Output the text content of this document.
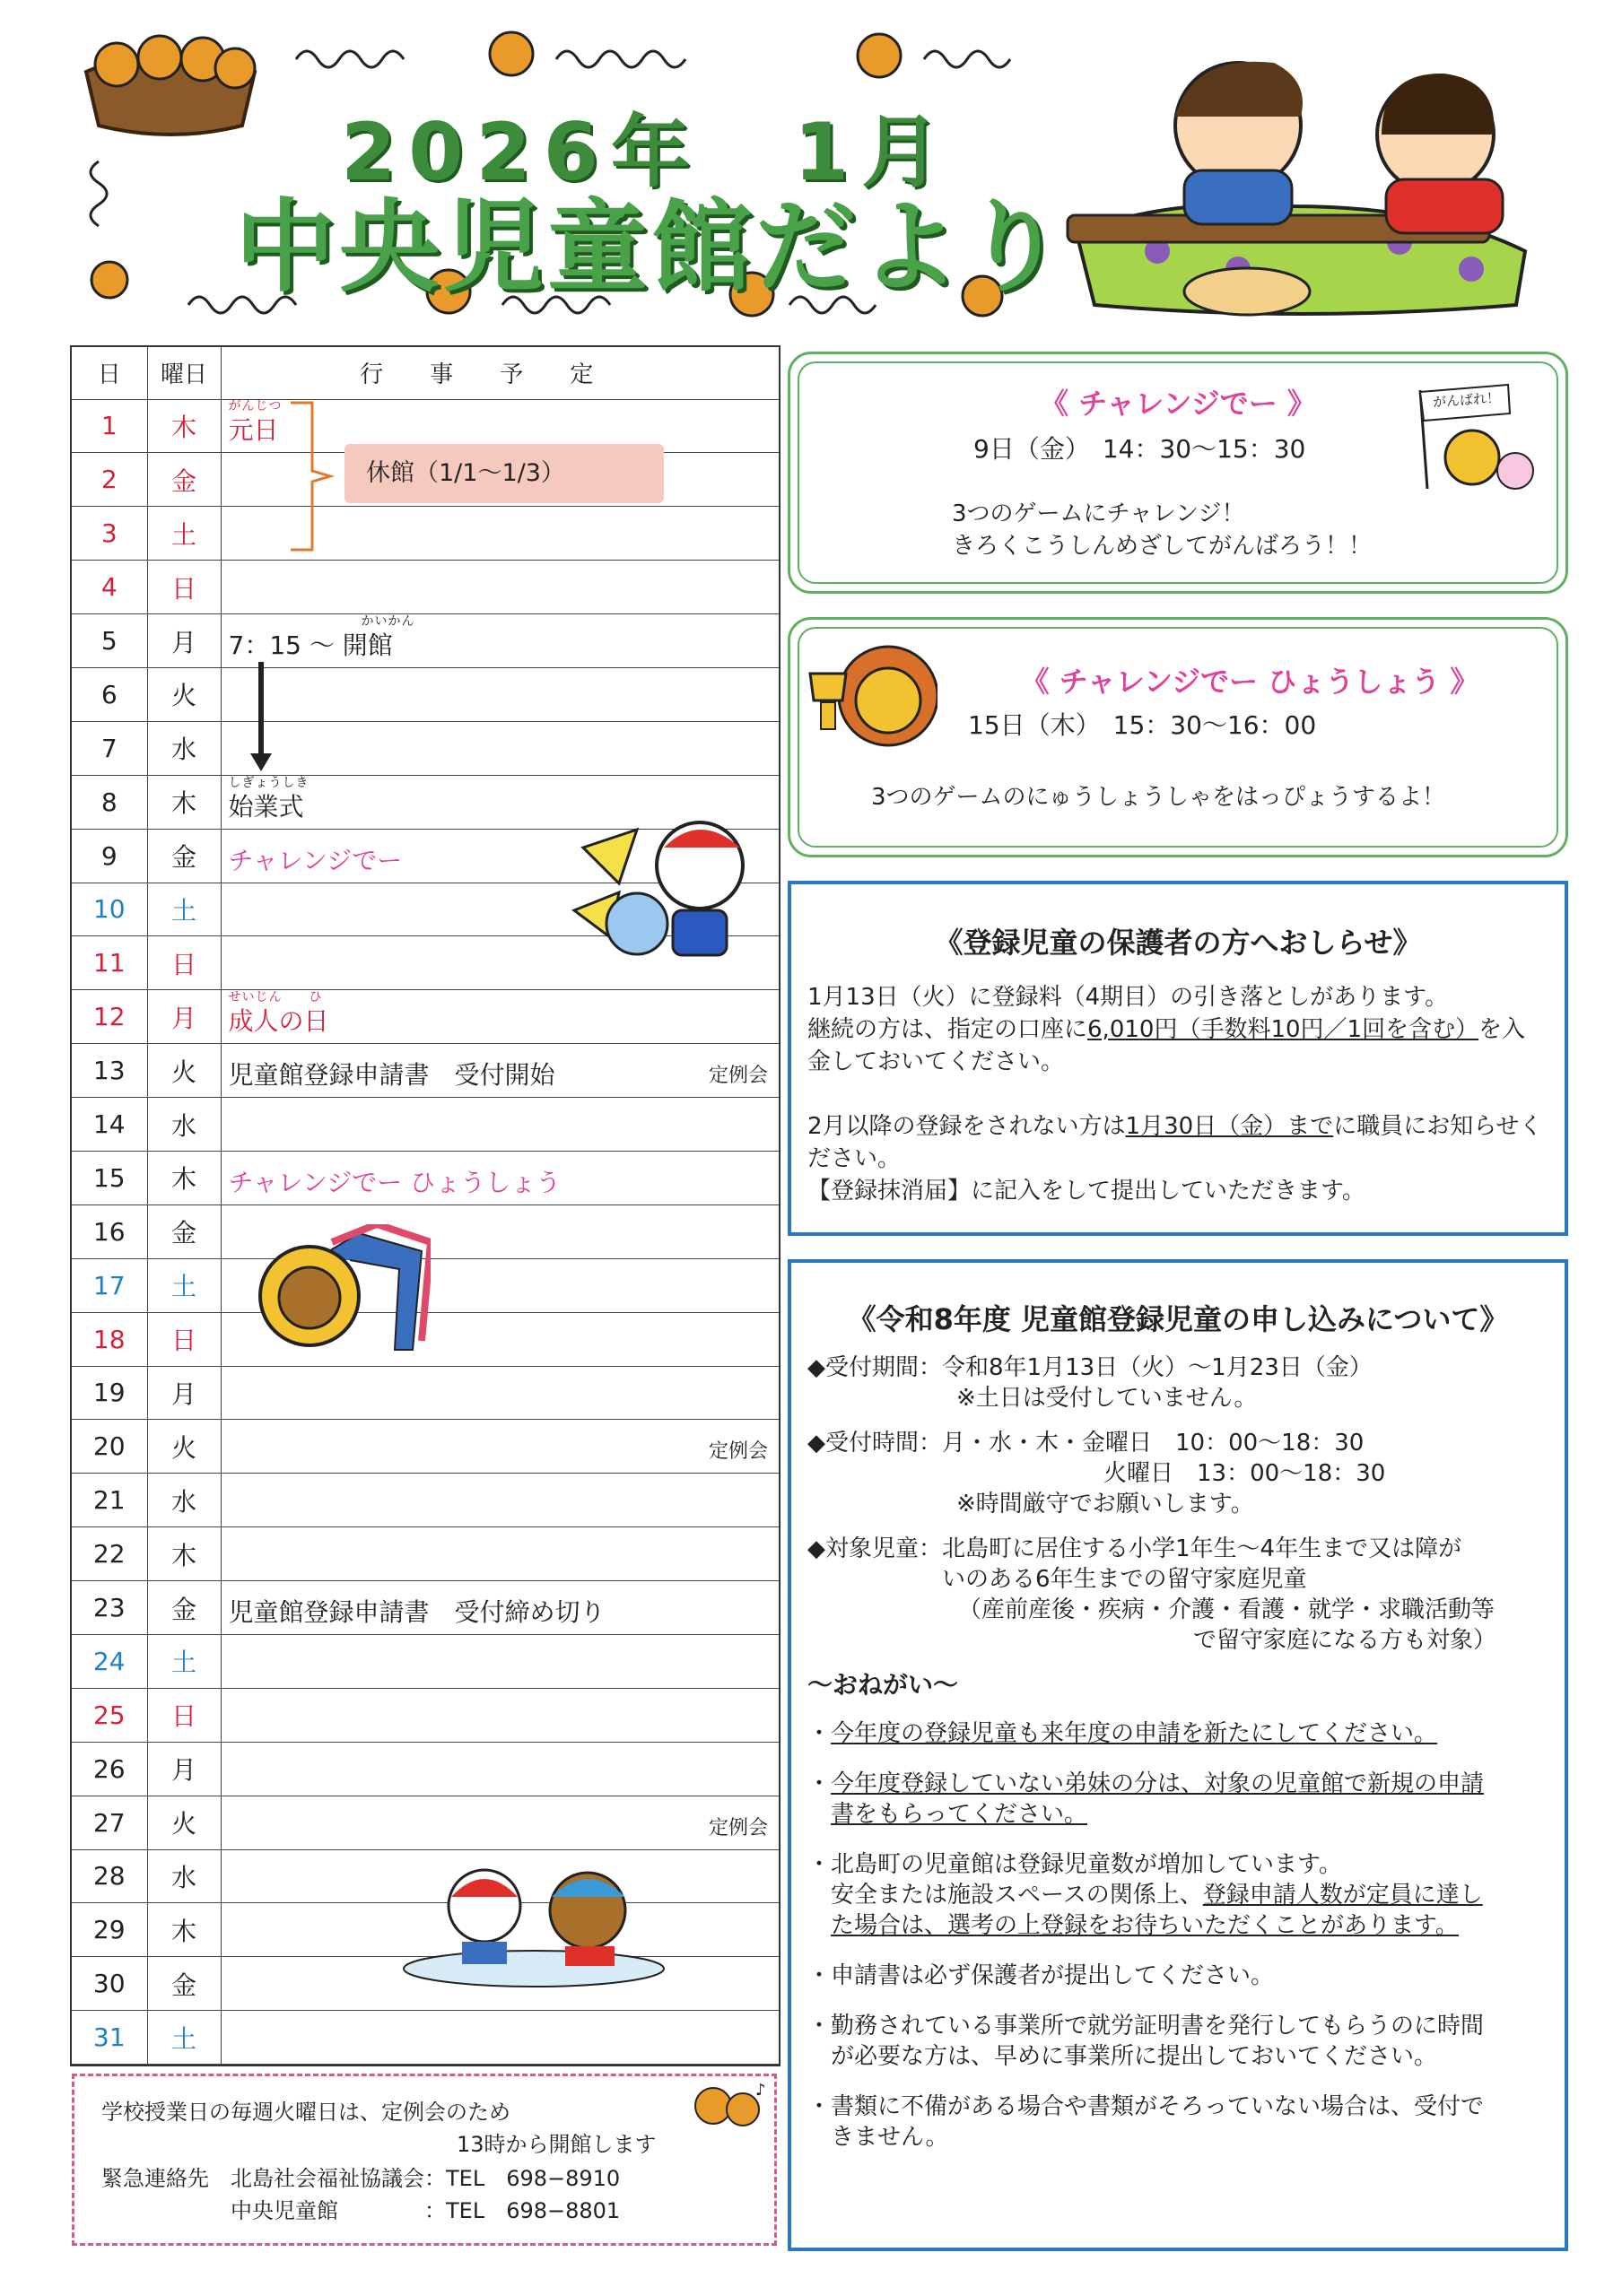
2026年　1月
中央児童館だより
日	曜日	行事予定
1	木	元日
がんじつ

2	金	
3	土	
4	日	
5	月	7：15 〜 開館
かいかん

6	火	
7	水	
8	木	始業式
しぎょうしき

9	金	チャレンジでー

10	土	
11	日	
12	月	成人の日
せいじん　　ひ

13	火	児童館登録申請書　受付開始 定例会

14	水	
15	木	チャレンジでー ひょうしょう

16	金	
17	土	
18	日	
19	月	
20	火	定例会

21	水	
22	木	
23	金	児童館登録申請書　受付締め切り

24	土	
25	日	
26	月	
27	火	定例会

28	水	
29	木	
30	金	
31	土	
休館（1/1〜1/3）
学校授業日の毎週火曜日は、定例会のため
13時から開館します
緊急連絡先	北島社会福祉協議会：TEL　698−8910
中央児童館　　　　：TEL　698−8801
♪
《 チャレンジでー 》
9日（金）　14：30〜15：30
3つのゲームにチャレンジ！
きろくこうしんめざしてがんばろう！！
がんばれ！
《 チャレンジでー ひょうしょう 》
15日（木）　15：30〜16：00
3つのゲームのにゅうしょうしゃをはっぴょうするよ！
《登録児童の保護者の方へおしらせ》
1月13日（火）に登録料（4期目）の引き落としがあります。
継続の方は、指定の口座に6,010円（手数料10円／1回を含む）を入金しておいてください。
2月以降の登録をされない方は1月30日（金）までに職員にお知らせください。
【登録抹消届】に記入をして提出していただきます。
《令和8年度 児童館登録児童の申し込みについて》
◆受付期間： 令和8年1月13日（火）〜1月23日（金）
※土日は受付していません。
◆受付時間： 月・水・木・金曜日　10：00〜18：30
火曜日　13：00〜18：30
※時間厳守でお願いします。
◆対象児童： 北島町に居住する小学1年生〜4年生まで又は障が
いのある6年生までの留守家庭児童
（産前産後・疾病・介護・看護・就学・求職活動等
で留守家庭になる方も対象）
〜おねがい〜
・今年度の登録児童も来年度の申請を新たにしてください。
・今年度登録していない弟妹の分は、対象の児童館で新規の申請
書をもらってください。
・北島町の児童館は登録児童数が増加しています。
安全または施設スペースの関係上、登録申請人数が定員に達し
た場合は、選考の上登録をお待ちいただくことがあります。
・申請書は必ず保護者が提出してください。
・勤務されている事業所で就労証明書を発行してもらうのに時間
が必要な方は、早めに事業所に提出しておいてください。
・書類に不備がある場合や書類がそろっていない場合は、受付で
きません。
